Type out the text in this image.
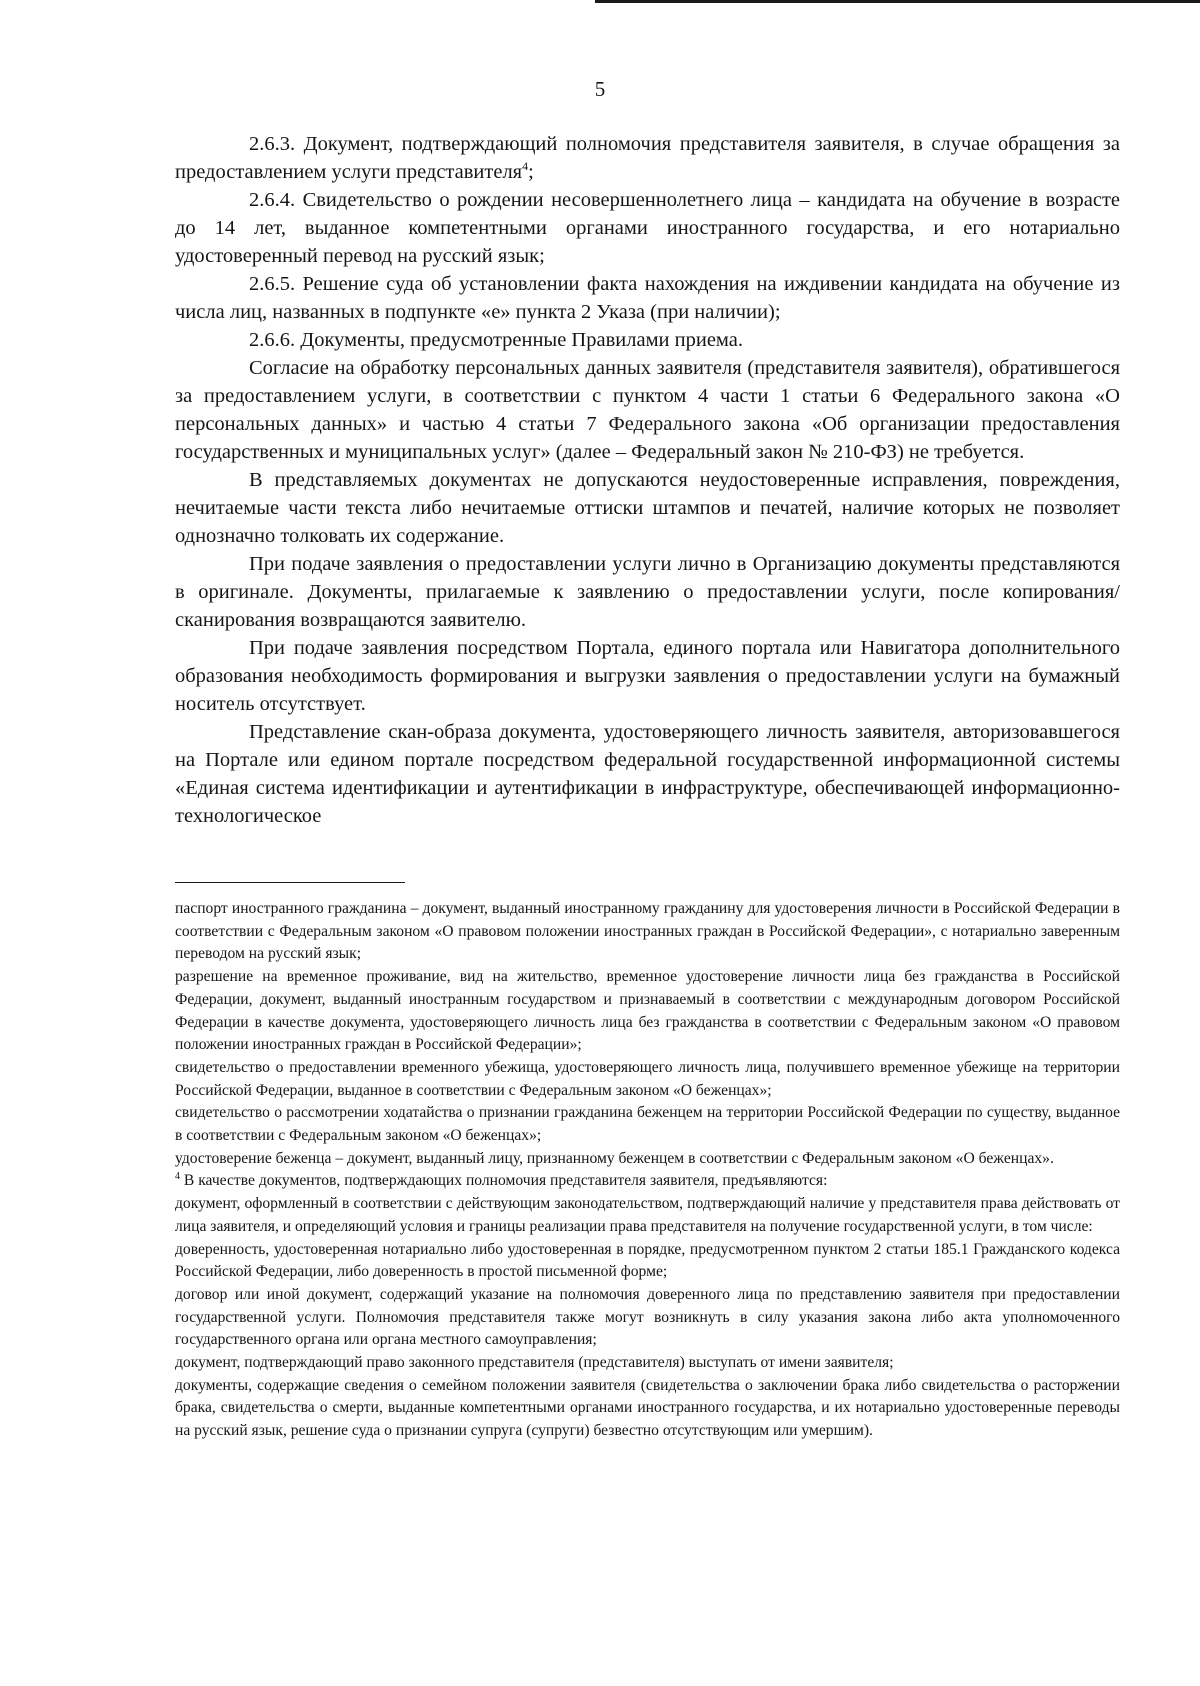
5

2.6.3. Документ, подтверждающий полномочия представителя заявителя, в случае обращения за предоставлением услуги представителя$^4$;

2.6.4. Свидетельство о рождении несовершеннолетнего лица – кандидата на обучение в возрасте до 14 лет, выданное компетентными органами иностранного государства, и его нотариально удостоверенный перевод на русский язык;

2.6.5. Решение суда об установлении факта нахождения на иждивении кандидата на обучение из числа лиц, названных в подпункте «е» пункта 2 Указа (при наличии);

2.6.6. Документы, предусмотренные Правилами приема.

Согласие на обработку персональных данных заявителя (представителя заявителя), обратившегося за предоставлением услуги, в соответствии с пунктом 4 части 1 статьи 6 Федерального закона «О персональных данных» и частью 4 статьи 7 Федерального закона «Об организации предоставления государственных и муниципальных услуг» (далее – Федеральный закон № 210-ФЗ) не требуется.

В представляемых документах не допускаются неудостоверенные исправления, повреждения, нечитаемые части текста либо нечитаемые оттиски штампов и печатей, наличие которых не позволяет однозначно толковать их содержание.

При подаче заявления о предоставлении услуги лично в Организацию документы представляются в оригинале. Документы, прилагаемые к заявлению о предоставлении услуги, после копирования/сканирования возвращаются заявителю.

При подаче заявления посредством Портала, единого портала или Навигатора дополнительного образования необходимость формирования и выгрузки заявления о предоставлении услуги на бумажный носитель отсутствует.

Представление скан-образа документа, удостоверяющего личность заявителя, авторизовавшегося на Портале или едином портале посредством федеральной государственной информационной системы «Единая система идентификации и аутентификации в инфраструктуре, обеспечивающей информационно-технологическое

паспорт иностранного гражданина – документ, выданный иностранному гражданину для удостоверения личности в Российской Федерации в соответствии с Федеральным законом «О правовом положении иностранных граждан в Российской Федерации», с нотариально заверенным переводом на русский язык;

разрешение на временное проживание, вид на жительство, временное удостоверение личности лица без гражданства в Российской Федерации, документ, выданный иностранным государством и признаваемый в соответствии с международным договором Российской Федерации в качестве документа, удостоверяющего личность лица без гражданства в соответствии с Федеральным законом «О правовом положении иностранных граждан в Российской Федерации»;

свидетельство о предоставлении временного убежища, удостоверяющего личность лица, получившего временное убежище на территории Российской Федерации, выданное в соответствии с Федеральным законом «О беженцах»;

свидетельство о рассмотрении ходатайства о признании гражданина беженцем на территории Российской Федерации по существу, выданное в соответствии с Федеральным законом «О беженцах»;

удостоверение беженца – документ, выданный лицу, признанному беженцем в соответствии с Федеральным законом «О беженцах».

$^4$ В качестве документов, подтверждающих полномочия представителя заявителя, предъявляются:

документ, оформленный в соответствии с действующим законодательством, подтверждающий наличие у представителя права действовать от лица заявителя, и определяющий условия и границы реализации права представителя на получение государственной услуги, в том числе:

доверенность, удостоверенная нотариально либо удостоверенная в порядке, предусмотренном пунктом 2 статьи 185.1 Гражданского кодекса Российской Федерации, либо доверенность в простой письменной форме;

договор или иной документ, содержащий указание на полномочия доверенного лица по представлению заявителя при предоставлении государственной услуги. Полномочия представителя также могут возникнуть в силу указания закона либо акта уполномоченного государственного органа или органа местного самоуправления;

документ, подтверждающий право законного представителя (представителя) выступать от имени заявителя;

документы, содержащие сведения о семейном положении заявителя (свидетельства о заключении брака либо свидетельства о расторжении брака, свидетельства о смерти, выданные компетентными органами иностранного государства, и их нотариально удостоверенные переводы на русский язык, решение суда о признании супруга (супруги) безвестно отсутствующим или умершим).
